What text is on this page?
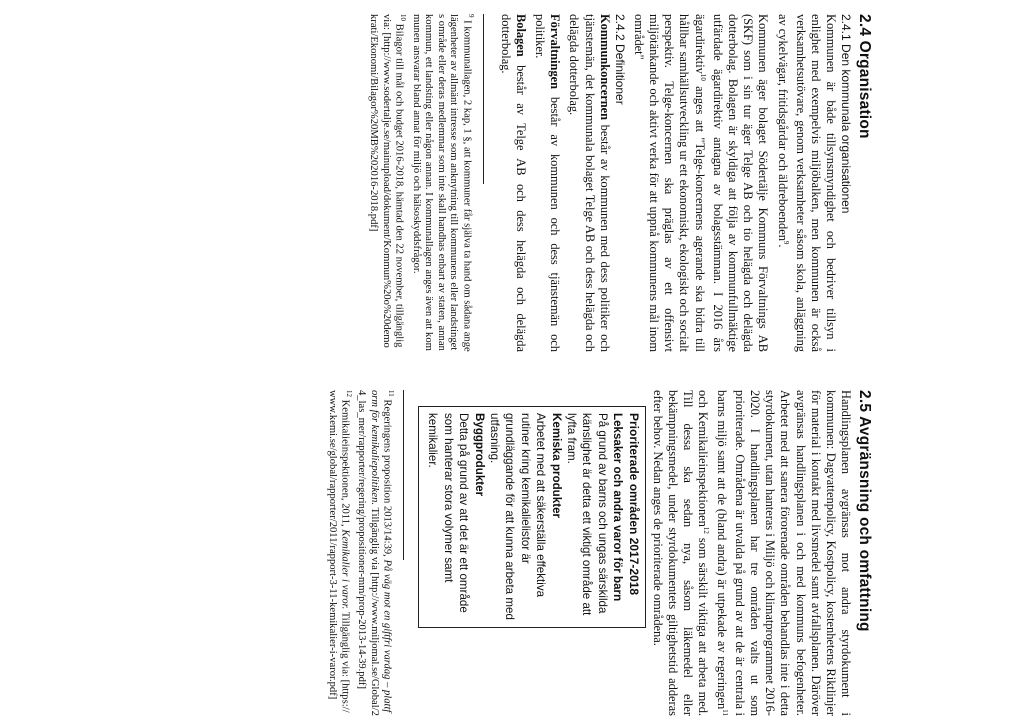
2.4 Organisation
2.4.1 Den kommunala organisationen

Kommunen är både tillsynsmyndighet och bedriver tillsyn i enlighet med exempelvis miljöbalken, men kommunen är också verksamhetsutövare, genom verksamheter såsom skola, anläggning av cykelvägar, fritidsgårdar och äldreboenden$^9$.

Kommunen äger bolaget Södertälje Kommuns Förvaltnings AB (SKF) som i sin tur äger Telge AB och tio helägda och delägda dotterbolag. Bolagen är skyldiga att följa av kommunfullmäktige utfärdade ägardirektiv antagna av bolagsstämman. I 2016 års ägardirektiv$^{10}$ anges att "Telge-koncernens agerande ska bidra till hållbar samhällsutveckling ur ett ekonomiskt, ekologiskt och socialt perspektiv. Telge-koncernen ska präglas av ett offensivt miljötänkande och aktivt verka för att uppnå kommunens mål inom området"

2.4.2 Definitioner

Kommunkoncernen består av kommunen med dess politiker och tjänstemän, det kommunala bolaget Telge AB och dess helägda och delägda dotterbolag.

Förvaltningen består av kommunen och dess tjänstemän och politiker.

Bolagen består av Telge AB och dess helägda och delägda dotterbolag.

$^9$ I kommunallagen, 2 kap, 1 §, att kommuner får själva ta hand om sådana angelägenheter av allmänt intresse som anknytning till kommunens eller landstingets område eller deras medlemmar som inte skall handhas enbart av staten, annan kommun, ett landsting eller någon annan. I kommunallagen anges även att kommunen ansvarar bland annat för miljö och hälsoskyddsfrågor.

$^{10}$ Bilagor till mål och budget 2016-2018, hämtad den 22 november, tillgänglig via: [http://www.sodertalje.se/mainupload/dokument/Kommun%20o%20demokrati/Ekonomi/Bilagor%20MB%202016-2018.pdf]

2.5 Avgränsning och omfattning

Handlingsplanen avgränsas mot andra styrdokument i kommunen: Dagvattenpolicy, Kostpolicy, kostenhetens Riktlinjer för material i kontakt med livsmedel samt avfallsplanen. Däröver avgränsas handlingsplanen i och med kommuns befogenheter. Arbetet med att sanera förorenade områden behandlas inte i detta styrdokument, utan hanteras i Miljö och klimatprogrammet 2016-2020. I handlingsplanen har tre områden valts ut som prioriterade. Områdena är utvalda på grund av att de är centrala i barns miljö samt att de (bland andra) är utpekade av regeringen$^{11}$ och Kemikalieinspektionen$^{12}$ som särskilt viktiga att arbeta med. Till dessa ska sedan nya, såsom läkemedel eller bekämpningsmedel, under styrdokumentets giltighetstid adderas efter behov. Nedan anges de prioriterade områdena.

Prioriterade områden 2017-2018
Leksaker och andra varor för barn
På grund av barns och ungas särskilda känslighet är detta ett viktigt område att lyfta fram.
Kemiska produkter
Arbetet med att säkerställa effektiva rutiner kring kemikalielistor är grundläggande för att kunna arbeta med utfasning.
Byggprodukter
Detta på grund av att det är ett område som hanterar stora volymer samt kemikalier.

$^{11}$ Regeringens proposition 2013/14:39, På väg mot en giftfri vardag – plattform för kemikaliepolitiken. Tillgänglig via [http://www.miljomal.se/Global/24_las_mer/rapporter/regering/propositioner-mm/prop-2013-14-39.pdf]

$^{12}$ Kemikalieinspektionen, 2011, Kemikalier i varor. Tillgänglig via: [https://www.kemi.se/global/rapporter/2011/rapport-3-11-kemikalier-i-varor.pdf]
